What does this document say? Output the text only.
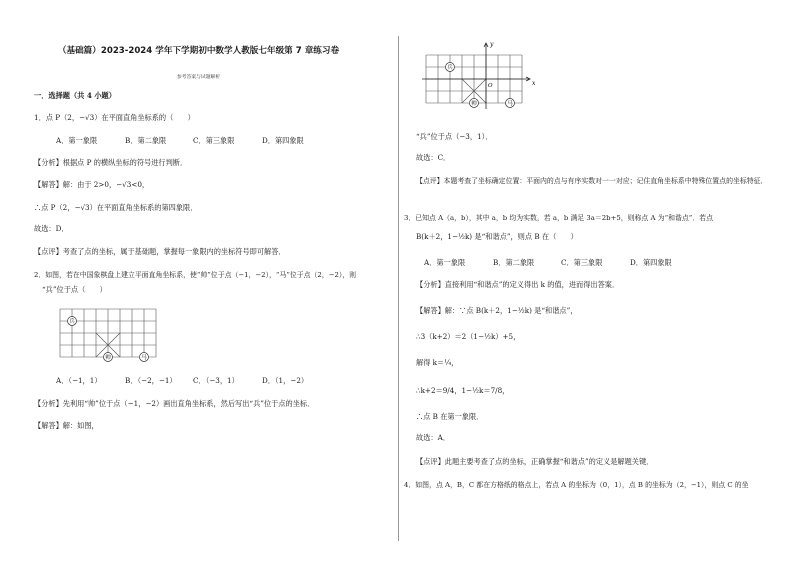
（基础篇）2023-2024 学年下学期初中数学人教版七年级第 7 章练习卷
参考答案与试题解析
一．选择题（共 4 小题）
1．点 P（2，−√3）在平面直角坐标系的（　　）
A．第一象限	B．第二象限	C．第三象限	D．第四象限
【分析】根据点 P 的横纵坐标的符号进行判断．
【解答】解：由于 2>0，−√3<0，
∴点 P（2，−√3）在平面直角坐标系的第四象限．
故选：D．
【点评】考查了点的坐标，属于基础题，掌握每一象限内的坐标符号即可解答．
2．如图，若在中国象棋盘上建立平面直角坐标系，使“帅”位于点（−1，−2），“马”位于点（2，−2），则
“兵”位于点（　　）
兵
帅	马
A．（−1，1）	B．（−2，−1） C．（−3，1）	D．（1，−2）
【分析】先利用“帅”位于点（−1，−2）画出直角坐标系，然后写出“兵”位于点的坐标．
【解答】解：如图，
兵
帅	马
x
y
O
“兵”位于点（−3，1）．
故选：C．
【点评】本题考查了坐标确定位置：平面内的点与有序实数对一一对应；记住直角坐标系中特殊位置点的坐标特征．
3．已知点 A（a，b），其中 a，b 均为实数，若 a，b 满足 3a＝2b+5，则称点 A 为“和谐点”．若点
B(k＋2，1−½k) 是“和谐点”，则点 B 在（　　）
A．第一象限	B．第二象限	C．第三象限	D．第四象限
【分析】直接利用“和谐点”的定义得出 k 的值，进而得出答案．
【解答】解：∵点 B(k＋2，1−½k) 是“和谐点”，
∴3（k+2）＝2（1−½k）+5，
解得 k＝¼，
∴k+2＝9/4，1−½k＝7/8，
∴点 B 在第一象限．
故选：A．
【点评】此题主要考查了点的坐标，正确掌握“和谐点”的定义是解题关键．
4．如图，点 A，B，C 都在方格纸的格点上，若点 A 的坐标为（0，1），点 B 的坐标为（2，−1），则点 C 的坐
